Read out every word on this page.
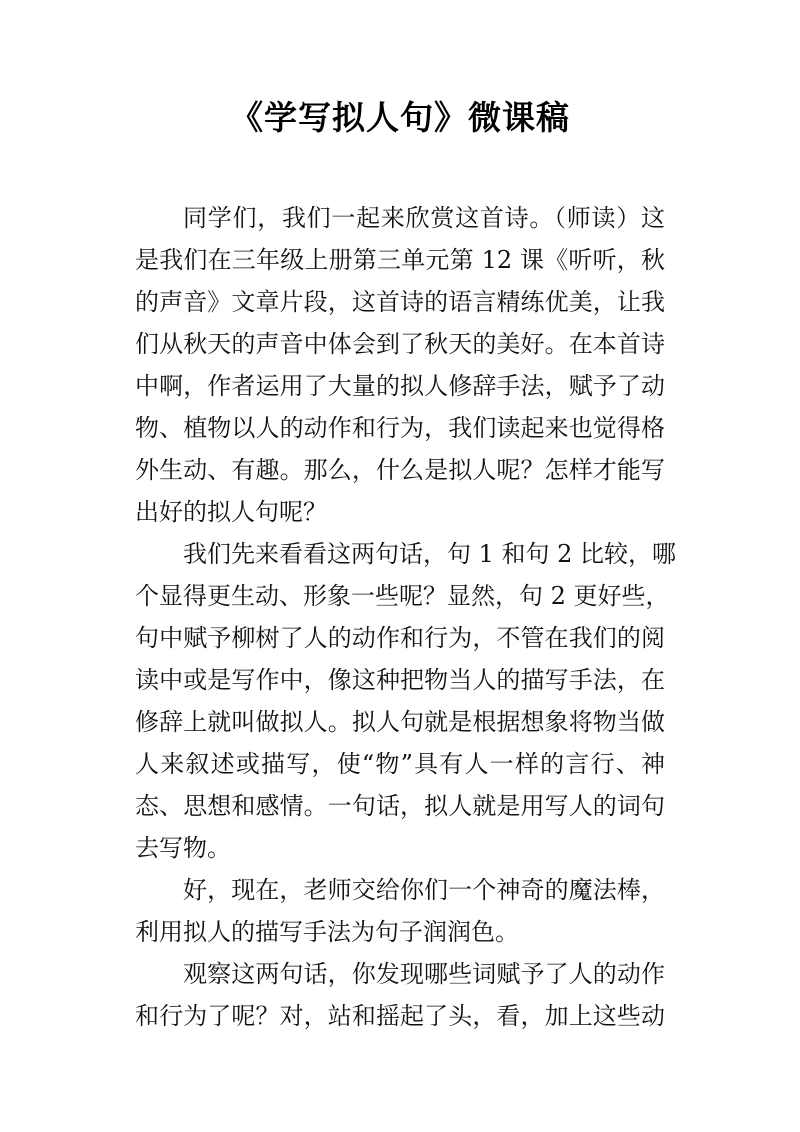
《学写拟人句》微课稿
同学们，我们一起来欣赏这首诗。（师读）这
是我们在三年级上册第三单元第 12 课《听听，秋
的声音》文章片段，这首诗的语言精练优美，让我
们从秋天的声音中体会到了秋天的美好。在本首诗
中啊，作者运用了大量的拟人修辞手法，赋予了动
物、植物以人的动作和行为，我们读起来也觉得格
外生动、有趣。那么，什么是拟人呢？怎样才能写
出好的拟人句呢？
我们先来看看这两句话，句 1 和句 2 比较，哪
个显得更生动、形象一些呢？显然，句 2 更好些，
句中赋予柳树了人的动作和行为，不管在我们的阅
读中或是写作中，像这种把物当人的描写手法，在
修辞上就叫做拟人。拟人句就是根据想象将物当做
人来叙述或描写，使“物”具有人一样的言行、神
态、思想和感情。一句话，拟人就是用写人的词句
去写物。
好，现在，老师交给你们一个神奇的魔法棒，
利用拟人的描写手法为句子润润色。
观察这两句话，你发现哪些词赋予了人的动作
和行为了呢？对，站和摇起了头，看，加上这些动
